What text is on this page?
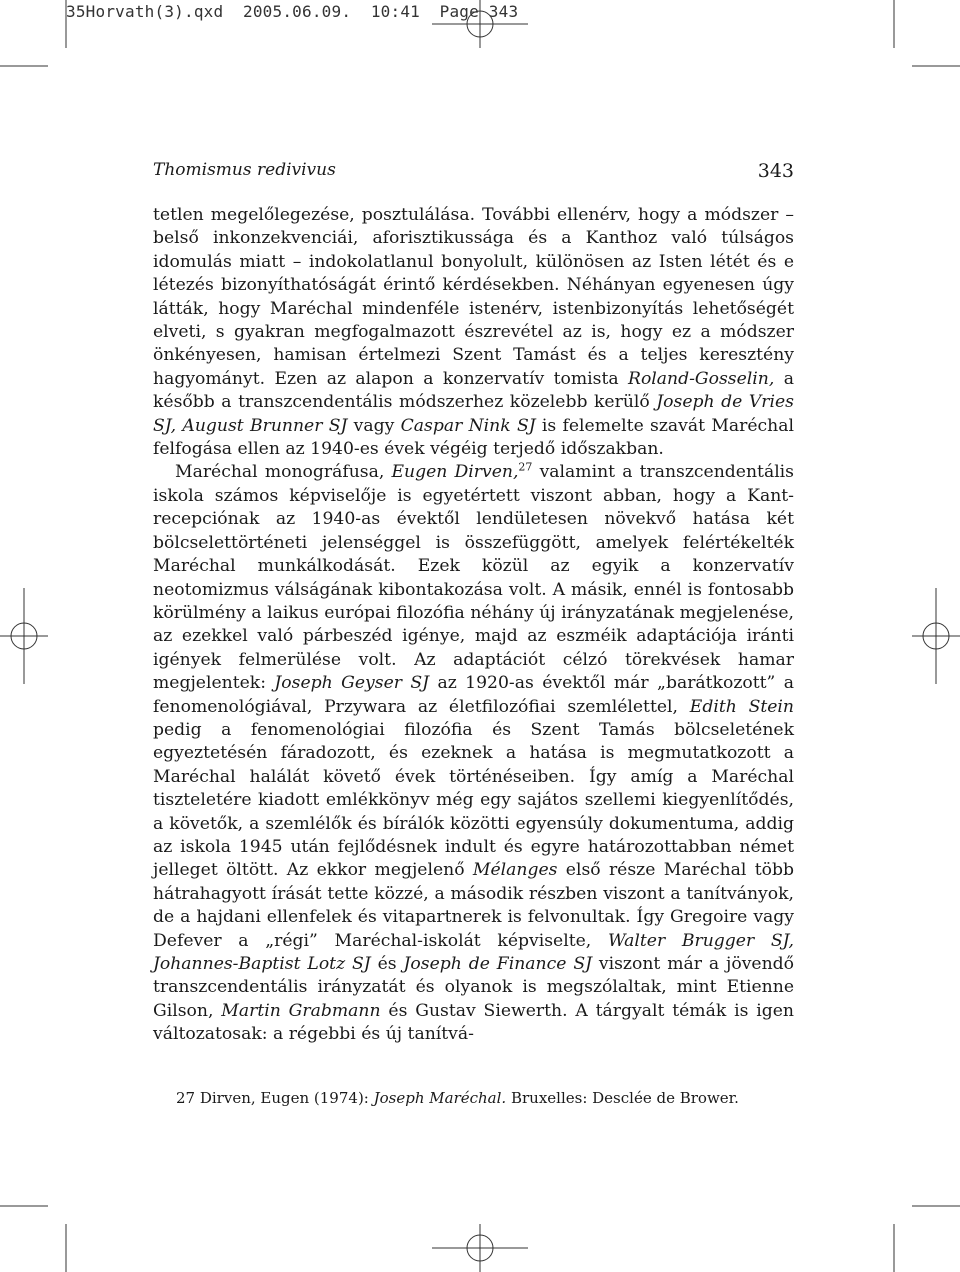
35Horvath(3).qxd  2005.06.09.  10:41  Page 343
Thomismus redivivus	343

tetlen megelőlegezése, posztulálása. További ellenérv, hogy a módszer – belső inkonzekvenciái, aforisztikussága és a Kanthoz való túlságos idomulás miatt – indokolatlanul bonyolult, különösen az Isten létét és e létezés bizonyíthatóságát érintő kérdésekben. Néhányan egyenesen úgy látták, hogy Maréchal mindenféle istenérv, istenbizonyítás lehetőségét elveti, s gyakran megfogalmazott észrevétel az is, hogy ez a módszer önkényesen, hamisan értelmezi Szent Tamást és a teljes keresztény hagyományt. Ezen az alapon a konzervatív tomista Roland-Gosselin, a később a transzcendentális módszerhez közelebb kerülő Joseph de Vries SJ, August Brunner SJ vagy Caspar Nink SJ is felemelte szavát Maréchal felfogása ellen az 1940-es évek végéig terjedő időszakban.

Maréchal monográfusa, Eugen Dirven,$^{27}$ valamint a transzcendentális iskola számos képviselője is egyetértett viszont abban, hogy a Kant-recepciónak az 1940-as évektől lendületesen növekvő hatása két bölcselettörténeti jelenséggel is összefüggött, amelyek felértékelték Maréchal munkálkodását. Ezek közül az egyik a konzervatív neotomizmus válságának kibontakozása volt. A másik, ennél is fontosabb körülmény a laikus európai filozófia néhány új irányzatának megjelenése, az ezekkel való párbeszéd igénye, majd az eszméik adaptációja iránti igények felmerülése volt. Az adaptációt célzó törekvések hamar megjelentek: Joseph Geyser SJ az 1920-as évektől már „barátkozott” a fenomenológiával, Przywara az életfilozófiai szemlélettel, Edith Stein pedig a fenomenológiai filozófia és Szent Tamás bölcseletének egyeztetésén fáradozott, és ezeknek a hatása is megmutatkozott a Maréchal halálát követő évek történéseiben. Így amíg a Maréchal tiszteletére kiadott emlékkönyv még egy sajátos szellemi kiegyenlítődés, a követők, a szemlélők és bírálók közötti egyensúly dokumentuma, addig az iskola 1945 után fejlődésnek indult és egyre határozottabban német jelleget öltött. Az ekkor megjelenő Mélanges első része Maréchal több hátrahagyott írását tette közzé, a második részben viszont a tanítványok, de a hajdani ellenfelek és vitapartnerek is felvonultak. Így Gregoire vagy Defever a „régi” Maréchal-iskolát képviselte, Walter Brugger SJ, Johannes-Baptist Lotz SJ és Joseph de Finance SJ viszont már a jövendő transzcendentális irányzatát és olyanok is megszólaltak, mint Etienne Gilson, Martin Grabmann és Gustav Siewerth. A tárgyalt témák is igen változatosak: a régebbi és új tanítvá-

27 Dirven, Eugen (1974): Joseph Maréchal. Bruxelles: Desclée de Brower.
